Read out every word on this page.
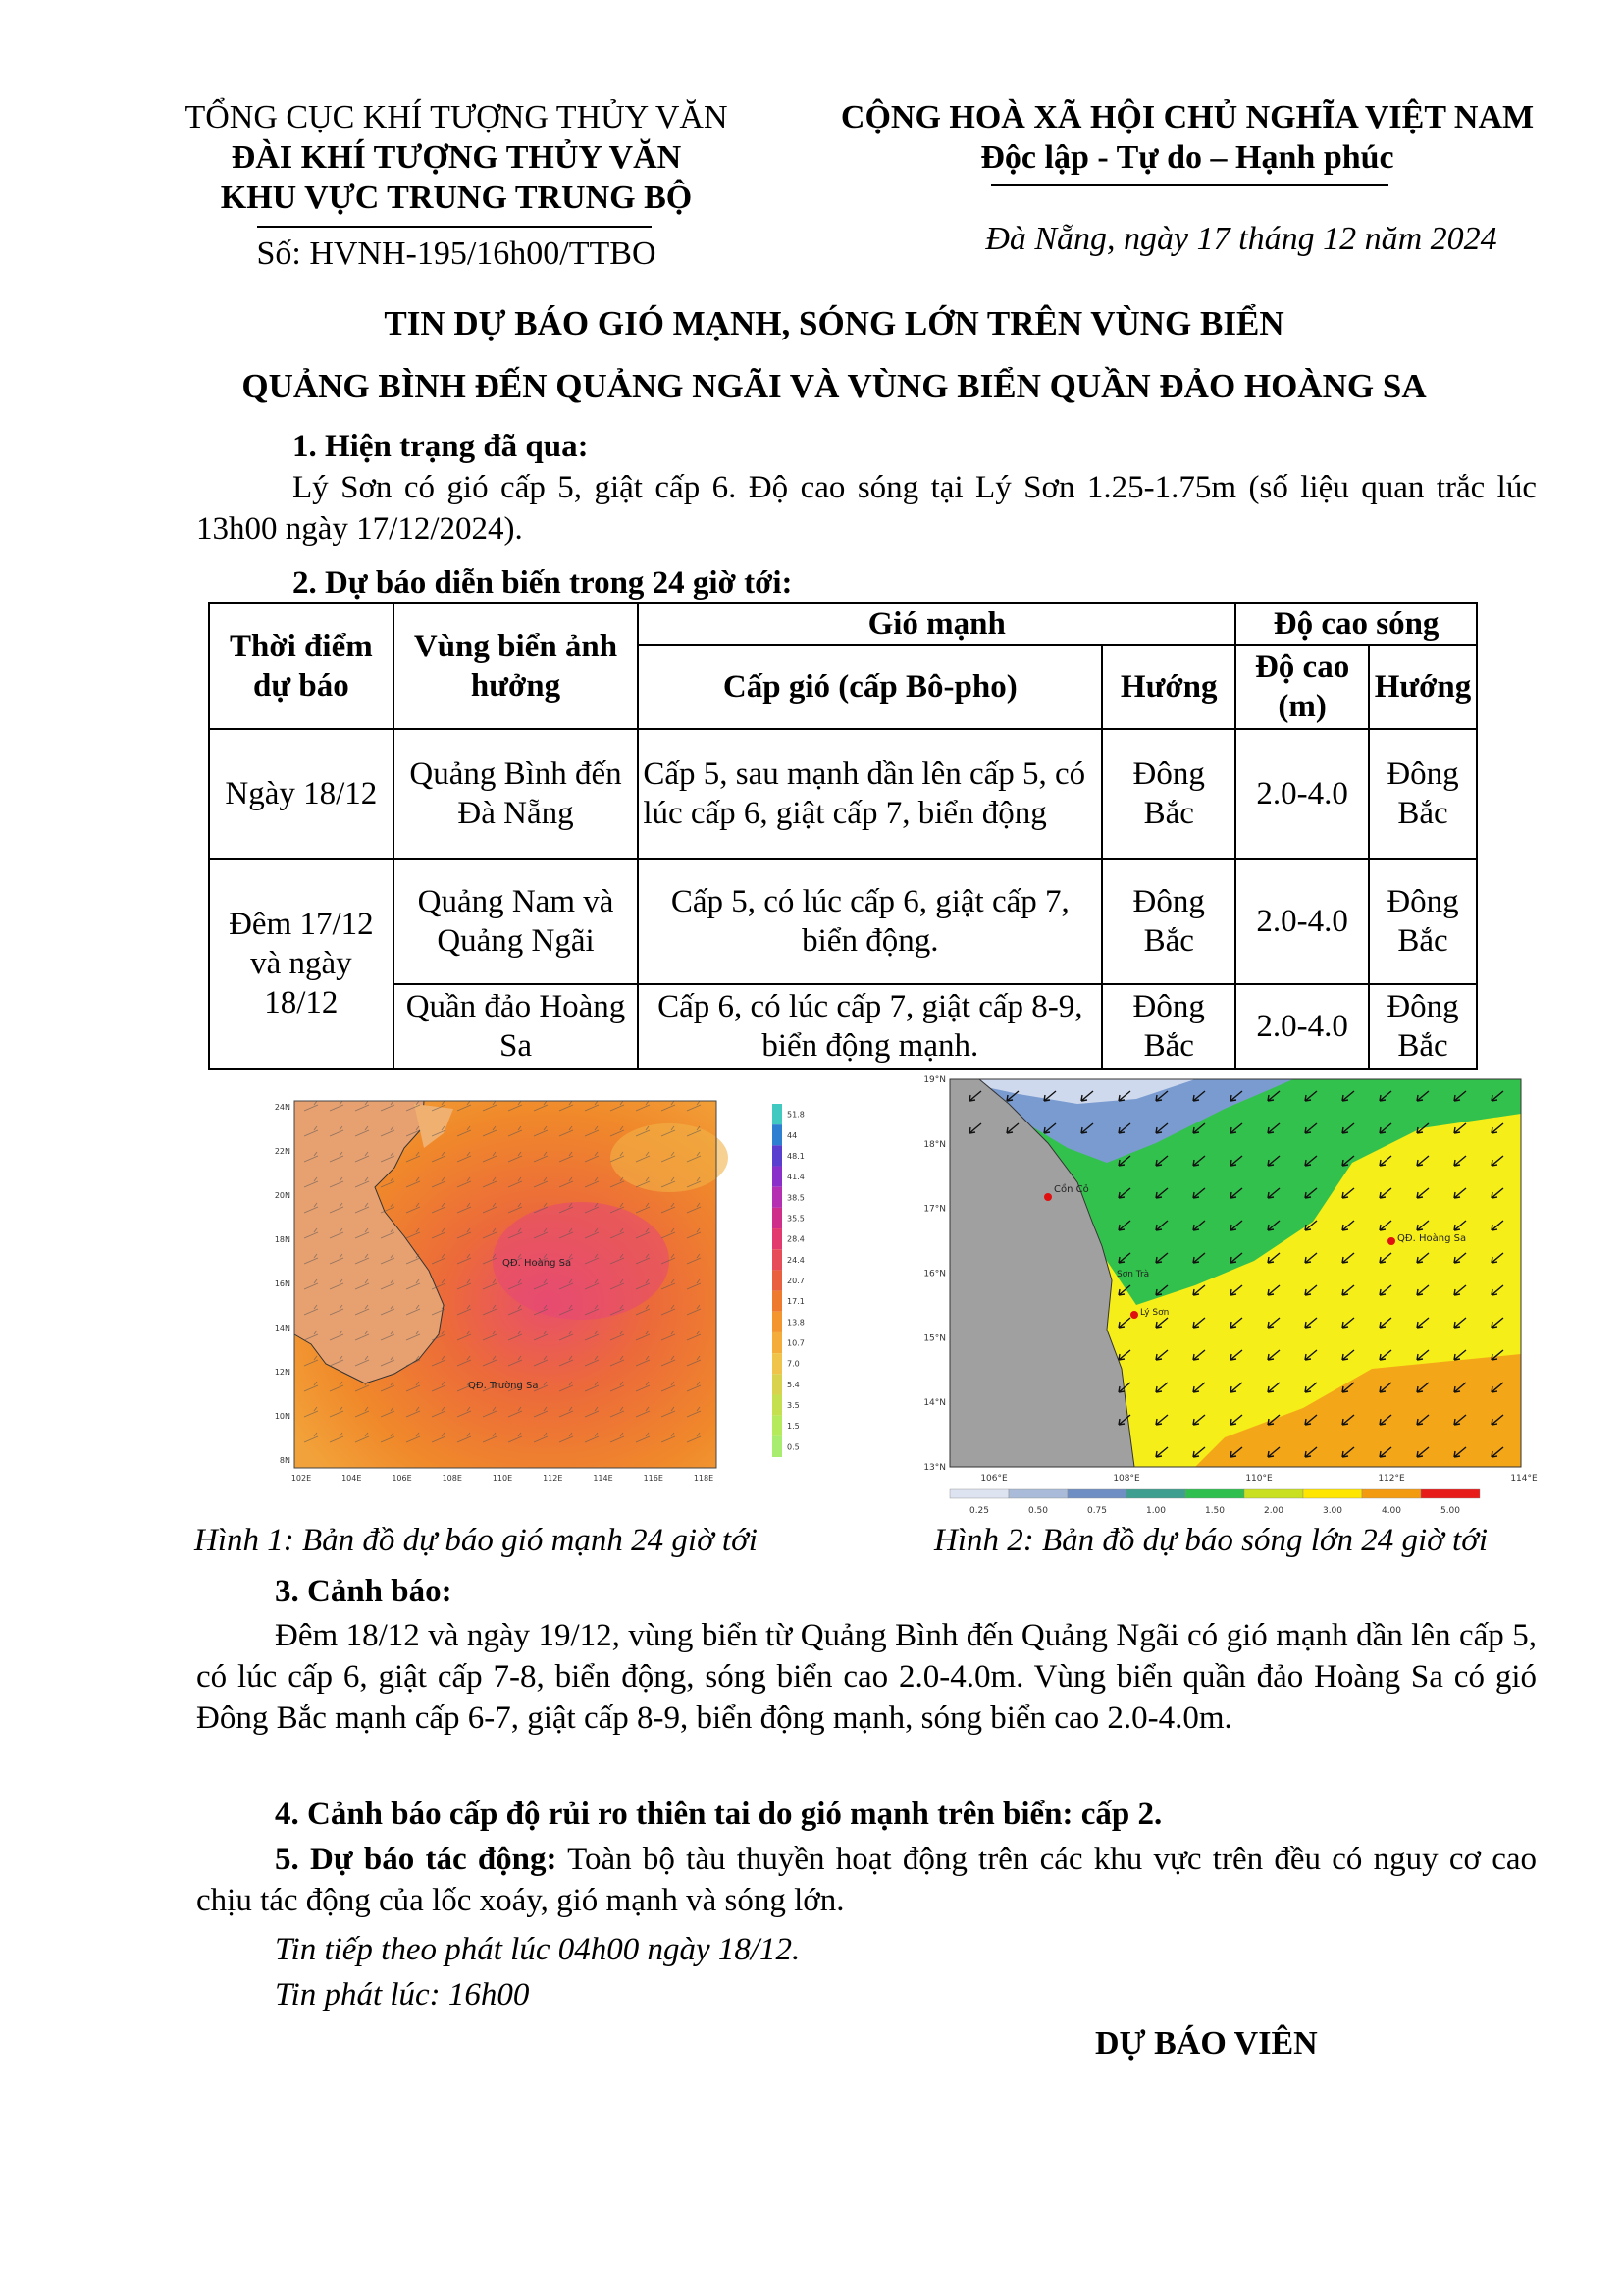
TỔNG CỤC KHÍ TƯỢNG THỦY VĂN
ĐÀI KHÍ TƯỢNG THỦY VĂN
KHU VỰC TRUNG TRUNG BỘ
Số: HVNH-195/16h00/TTBO
CỘNG HOÀ XÃ HỘI CHỦ NGHĨA VIỆT NAM
Độc lập - Tự do – Hạnh phúc
Đà Nẵng, ngày 17 tháng 12 năm 2024
TIN DỰ BÁO GIÓ MẠNH, SÓNG LỚN TRÊN VÙNG BIỂN
QUẢNG BÌNH ĐẾN QUẢNG NGÃI VÀ VÙNG BIỂN QUẦN ĐẢO HOÀNG SA
1. Hiện trạng đã qua:
Lý Sơn có gió cấp 5, giật cấp 6. Độ cao sóng tại Lý Sơn 1.25-1.75m (số liệu quan trắc lúc 13h00 ngày 17/12/2024).
2. Dự báo diễn biến trong 24 giờ tới:
Thời điểm dự báo	Vùng biển ảnh hưởng	Gió mạnh		Độ cao sóng	
		Cấp gió (cấp Bô-pho)	Hướng	Độ cao (m)	Hướng
Ngày 18/12	Quảng Bình đến Đà Nẵng	Cấp 5, sau mạnh dần lên cấp 5, có lúc cấp 6, giật cấp 7, biển động	Đông Bắc	2.0-4.0	Đông Bắc
Đêm 17/12 và ngày 18/12	Quảng Nam và Quảng Ngãi	Cấp 5, có lúc cấp 6, giật cấp 7, biển động.	Đông Bắc	2.0-4.0	Đông Bắc
	Quần đảo Hoàng Sa	Cấp 6, có lúc cấp 7, giật cấp 8-9, biển động mạnh.	Đông Bắc	2.0-4.0	Đông Bắc
QĐ. Hoàng Sa
QĐ. Trường Sa
24N
22N
20N
18N
16N
14N
12N
10N
8N
102E	104E	106E	108E	110E	112E	114E	116E	118E
51.8
44
48.1
41.4
38.5
35.5
28.4
24.4
20.7
17.1
13.8
10.7
7.0
5.4
3.5
1.5
0.5
Cồn Cỏ
QĐ. Hoàng Sa
Lý Sơn
Sơn Trà
19°N
18°N
17°N
16°N
15°N
14°N
13°N
106°E	108°E	110°E	112°E	114°E
0.25	0.50	0.75	1.00	1.50	2.00	3.00	4.00	5.00
Hình 1: Bản đồ dự báo gió mạnh 24 giờ tới	Hình 2: Bản đồ dự báo sóng lớn 24 giờ tới
3. Cảnh báo:
Đêm 18/12 và ngày 19/12, vùng biển từ Quảng Bình đến Quảng Ngãi có gió mạnh dần lên cấp 5, có lúc cấp 6, giật cấp 7-8, biển động, sóng biển cao 2.0-4.0m. Vùng biển quần đảo Hoàng Sa có gió Đông Bắc mạnh cấp 6-7, giật cấp 8-9, biển động mạnh, sóng biển cao 2.0-4.0m.
4. Cảnh báo cấp độ rủi ro thiên tai do gió mạnh trên biển: cấp 2.
5. Dự báo tác động: Toàn bộ tàu thuyền hoạt động trên các khu vực trên đều có nguy cơ cao chịu tác động của lốc xoáy, gió mạnh và sóng lớn.
Tin tiếp theo phát lúc 04h00 ngày 18/12.
Tin phát lúc: 16h00
DỰ BÁO VIÊN
